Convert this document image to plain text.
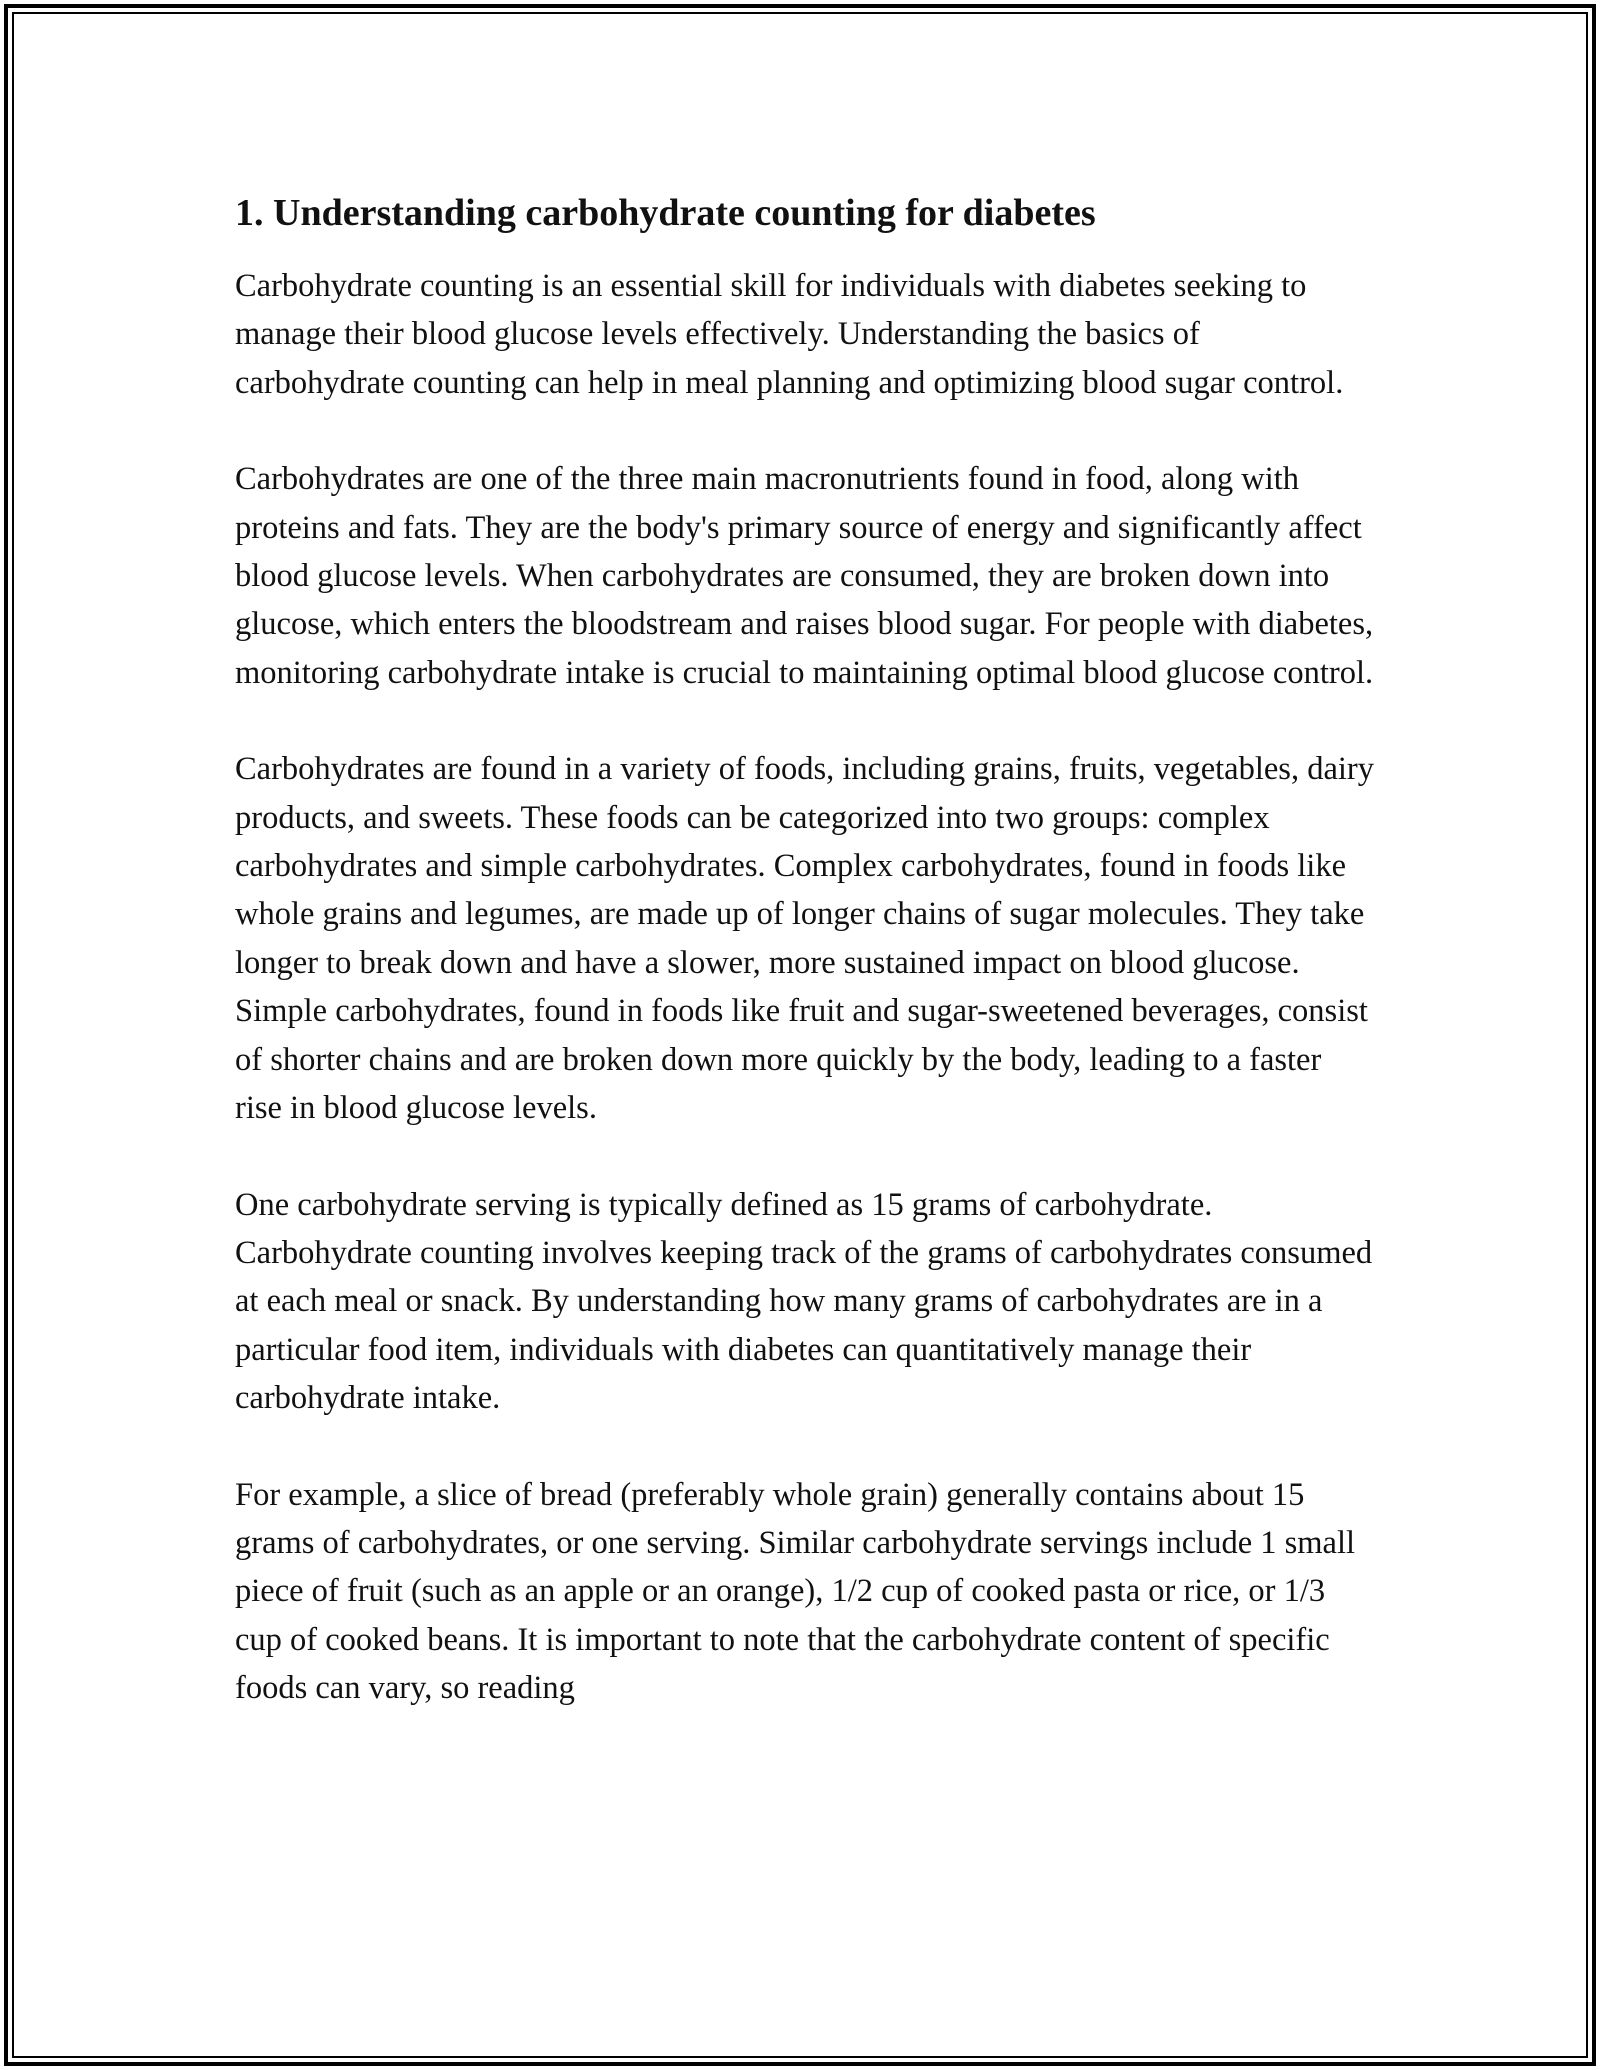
1. Understanding carbohydrate counting for diabetes

Carbohydrate counting is an essential skill for individuals with diabetes seeking to manage their blood glucose levels effectively. Understanding the basics of carbohydrate counting can help in meal planning and optimizing blood sugar control.

Carbohydrates are one of the three main macronutrients found in food, along with proteins and fats. They are the body's primary source of energy and significantly affect blood glucose levels. When carbohydrates are consumed, they are broken down into glucose, which enters the bloodstream and raises blood sugar. For people with diabetes, monitoring carbohydrate intake is crucial to maintaining optimal blood glucose control.

Carbohydrates are found in a variety of foods, including grains, fruits, vegetables, dairy products, and sweets. These foods can be categorized into two groups: complex carbohydrates and simple carbohydrates. Complex carbohydrates, found in foods like whole grains and legumes, are made up of longer chains of sugar molecules. They take longer to break down and have a slower, more sustained impact on blood glucose. Simple carbohydrates, found in foods like fruit and sugar-sweetened beverages, consist of shorter chains and are broken down more quickly by the body, leading to a faster rise in blood glucose levels.

One carbohydrate serving is typically defined as 15 grams of carbohydrate. Carbohydrate counting involves keeping track of the grams of carbohydrates consumed at each meal or snack. By understanding how many grams of carbohydrates are in a particular food item, individuals with diabetes can quantitatively manage their carbohydrate intake.

For example, a slice of bread (preferably whole grain) generally contains about 15 grams of carbohydrates, or one serving. Similar carbohydrate servings include 1 small piece of fruit (such as an apple or an orange), 1/2 cup of cooked pasta or rice, or 1/3 cup of cooked beans. It is important to note that the carbohydrate content of specific foods can vary, so reading
